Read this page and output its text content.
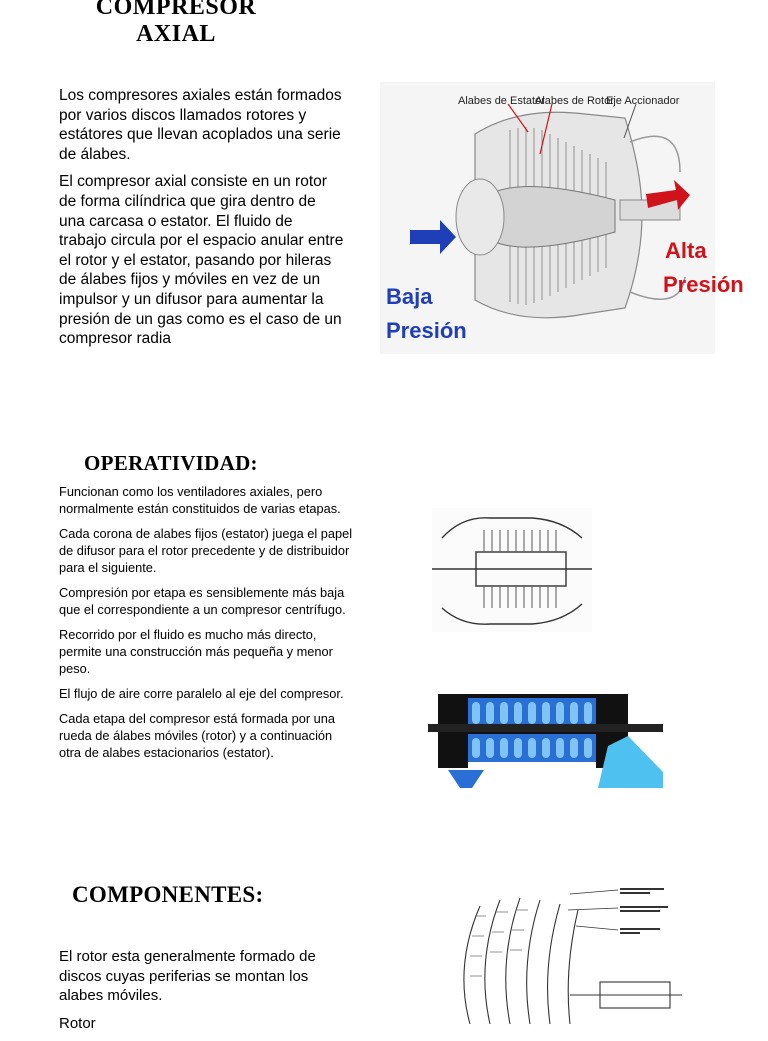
COMPRESOR
AXIAL

Los compresores axiales están formados por varios discos llamados rotores y estátores que llevan acoplados una serie de álabes.

El compresor axial consiste en un rotor de forma cilíndrica que gira dentro de una carcasa o estator. El fluido de trabajo circula por el espacio anular entre el rotor y el estator, pasando por hileras de álabes fijos y móviles en vez de un impulsor y un difusor para aumentar la presión de un gas como es el caso de un compresor radia

Alabes de Estator
Alabes de Rotor
Eje Accionador
Baja
Presión
Alta
Presión
OPERATIVIDAD:

Funcionan como los ventiladores axiales, pero normalmente están constituidos de varias etapas.

Cada corona de alabes fijos (estator) juega el papel de difusor para el rotor precedente y de distribuidor para el siguiente.

Compresión por etapa es sensiblemente más baja que el correspondiente a un compresor centrífugo.

Recorrido por el fluido es mucho más directo, permite una construcción más pequeña y menor peso.

El flujo de aire corre paralelo al eje del compresor.

Cada etapa del compresor está formada por una rueda de álabes móviles (rotor) y a continuación otra de alabes estacionarios (estator).

COMPONENTES:

El rotor esta generalmente formado de discos cuyas periferias se montan los alabes móviles.

Rotor
